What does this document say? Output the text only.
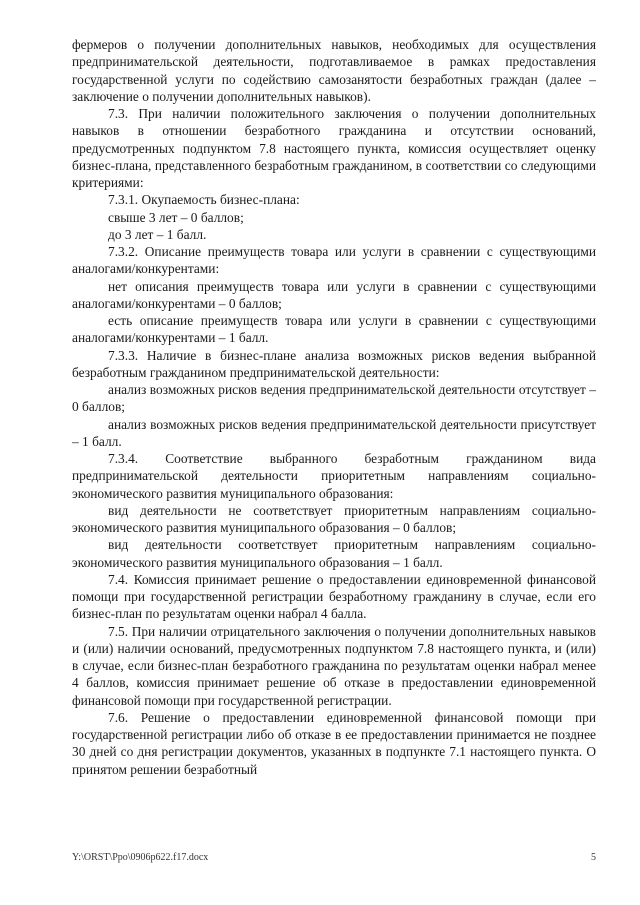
фермеров о получении дополнительных навыков, необходимых для осуществления предпринимательской деятельности, подготавливаемое в рамках предоставления государственной услуги по содействию самозанятости безработных граждан (далее – заключение о получении дополнительных навыков).

7.3. При наличии положительного заключения о получении дополнительных навыков в отношении безработного гражданина и отсутствии оснований, предусмотренных подпунктом 7.8 настоящего пункта, комиссия осуществляет оценку бизнес-плана, представленного безработным гражданином, в соответствии со следующими критериями:

7.3.1. Окупаемость бизнес-плана:

свыше 3 лет – 0 баллов;

до 3 лет – 1 балл.

7.3.2. Описание преимуществ товара или услуги в сравнении с существующими аналогами/конкурентами:

нет описания преимуществ товара или услуги в сравнении с существующими аналогами/конкурентами – 0 баллов;

есть описание преимуществ товара или услуги в сравнении с существующими аналогами/конкурентами – 1 балл.

7.3.3. Наличие в бизнес-плане анализа возможных рисков ведения выбранной безработным гражданином предпринимательской деятельности:

анализ возможных рисков ведения предпринимательской деятельности отсутствует – 0 баллов;

анализ возможных рисков ведения предпринимательской деятельности присутствует – 1 балл.

7.3.4. Соответствие выбранного безработным гражданином вида предпринимательской деятельности приоритетным направлениям социально-экономического развития муниципального образования:

вид деятельности не соответствует приоритетным направлениям социально-экономического развития муниципального образования – 0 баллов;

вид деятельности соответствует приоритетным направлениям социально-экономического развития муниципального образования – 1 балл.

7.4. Комиссия принимает решение о предоставлении единовременной финансовой помощи при государственной регистрации безработному гражданину в случае, если его бизнес-план по результатам оценки набрал 4 балла.

7.5. При наличии отрицательного заключения о получении дополнительных навыков и (или) наличии оснований, предусмотренных подпунктом 7.8 настоящего пункта, и (или) в случае, если бизнес-план безработного гражданина по результатам оценки набрал менее 4 баллов, комиссия принимает решение об отказе в предоставлении единовременной финансовой помощи при государственной регистрации.

7.6. Решение о предоставлении единовременной финансовой помощи при государственной регистрации либо об отказе в ее предоставлении принимается не позднее 30 дней со дня регистрации документов, указанных в подпункте 7.1 настоящего пункта. О принятом решении безработный

Y:\ORST\Ppo\0906p622.f17.docx	5
